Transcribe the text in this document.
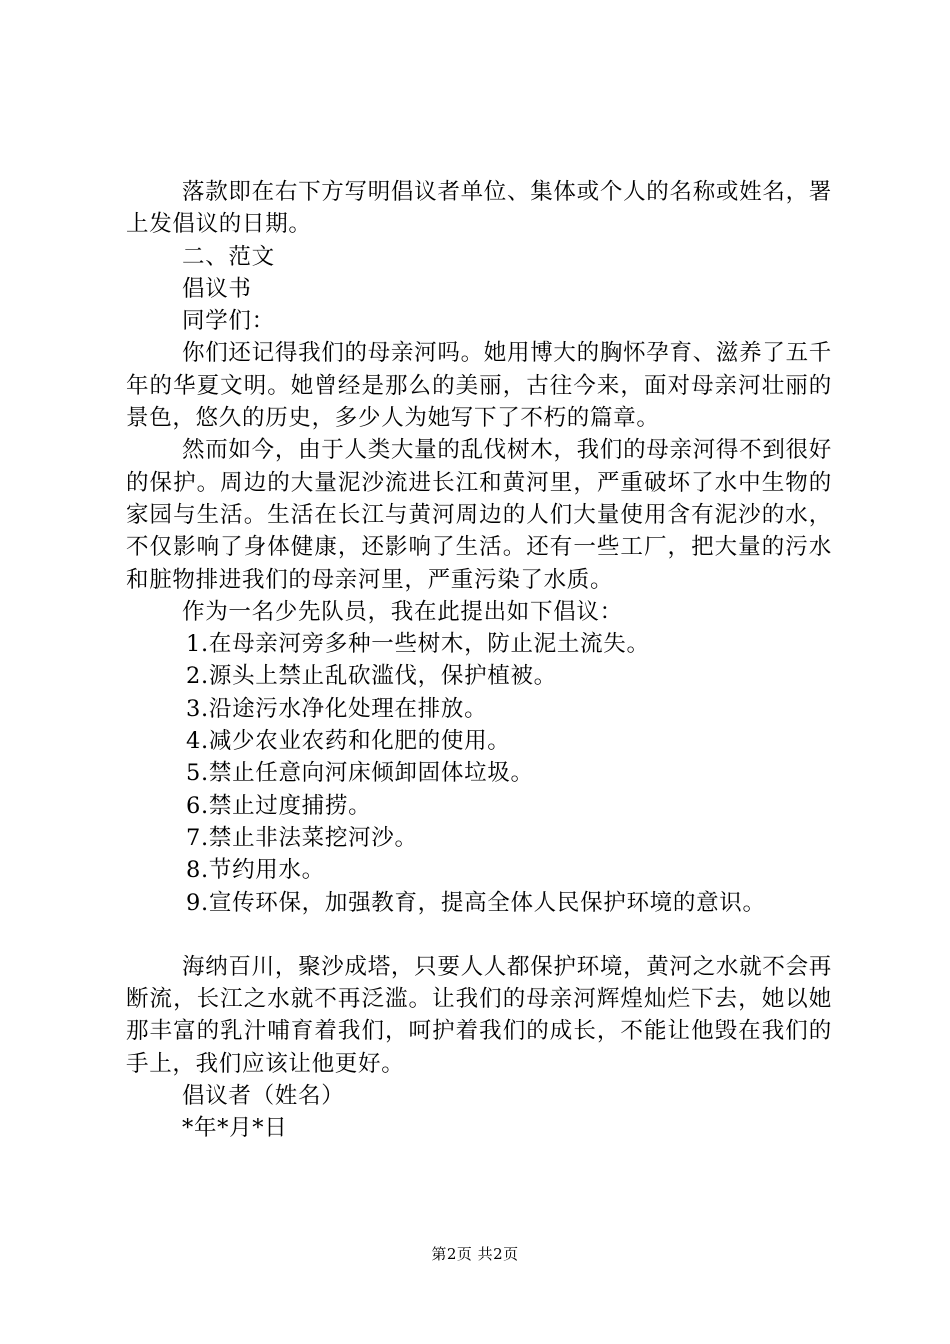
落款即在右下方写明倡议者单位、集体或个人的名称或姓名，署上发倡议的日期。

二、范文

倡议书

同学们：

你们还记得我们的母亲河吗。她用博大的胸怀孕育、滋养了五千年的华夏文明。她曾经是那么的美丽，古往今来，面对母亲河壮丽的景色，悠久的历史，多少人为她写下了不朽的篇章。

然而如今，由于人类大量的乱伐树木，我们的母亲河得不到很好的保护。周边的大量泥沙流进长江和黄河里，严重破坏了水中生物的家园与生活。生活在长江与黄河周边的人们大量使用含有泥沙的水，不仅影响了身体健康，还影响了生活。还有一些工厂，把大量的污水和脏物排进我们的母亲河里，严重污染了水质。

作为一名少先队员，我在此提出如下倡议：

1.在母亲河旁多种一些树木，防止泥土流失。

2.源头上禁止乱砍滥伐，保护植被。

3.沿途污水净化处理在排放。

4.减少农业农药和化肥的使用。

5.禁止任意向河床倾卸固体垃圾。

6.禁止过度捕捞。

7.禁止非法菜挖河沙。

8.节约用水。

9.宣传环保，加强教育，提高全体人民保护环境的意识。

海纳百川，聚沙成塔，只要人人都保护环境，黄河之水就不会再断流，长江之水就不再泛滥。让我们的母亲河辉煌灿烂下去，她以她那丰富的乳汁哺育着我们，呵护着我们的成长，不能让他毁在我们的手上，我们应该让他更好。

倡议者（姓名）

*年*月*日

第2页 共2页
